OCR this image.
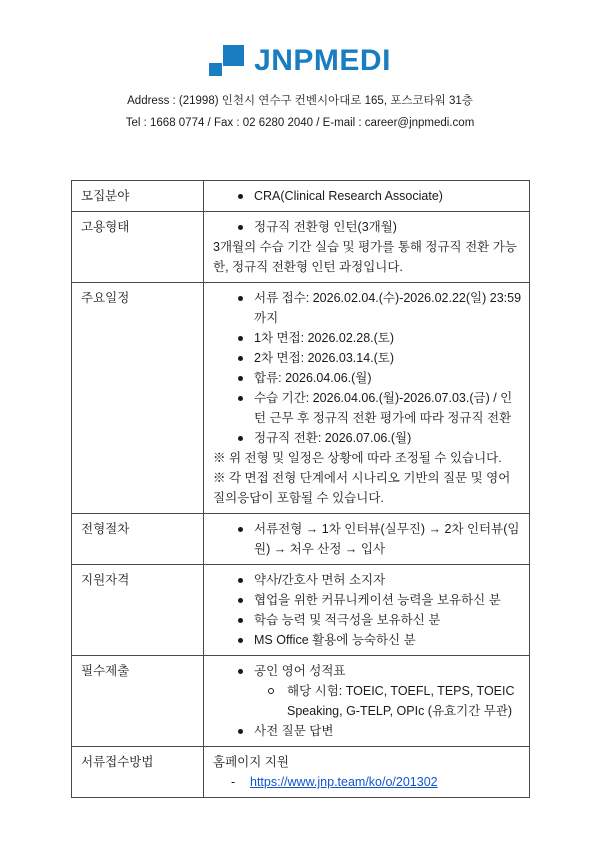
JNPMEDI
Address : (21998) 인천시 연수구 컨벤시아대로 165, 포스코타워 31층
Tel : 1668 0774 / Fax : 02 6280 2040 / E-mail : career@jnpmedi.com
모집분야	CRA(Clinical Research Associate)

고용형태	정규직 전환형 인턴(3개월)
3개월의 수습 기간 실습 및 평가를 통해 정규직 전환 가능한, 정규직 전환형 인턴 과정입니다.

주요일정	서류 접수: 2026.02.04.(수)-2026.02.22(일) 23:59까지
1차 면접: 2026.02.28.(토)
2차 면접: 2026.03.14.(토)
합류: 2026.04.06.(월)
수습 기간: 2026.04.06.(월)-2026.07.03.(금) / 인턴 근무 후 정규직 전환 평가에 따라 정규직 전환
정규직 전환: 2026.07.06.(월)
※ 위 전형 및 일정은 상황에 따라 조정될 수 있습니다.
※ 각 면접 전형 단계에서 시나리오 기반의 질문 및 영어 질의응답이 포함될 수 있습니다.

전형절차	서류전형 → 1차 인터뷰(실무진) → 2차 인터뷰(임원) → 처우 산정 → 입사

지원자격	약사/간호사 면허 소지자
협업을 위한 커뮤니케이션 능력을 보유하신 분
학습 능력 및 적극성을 보유하신 분
MS Office 활용에 능숙하신 분

필수제출	공인 영어 성적표
해당 시험: TOEIC, TOEFL, TEPS, TOEIC Speaking, G-TELP, OPIc (유효기간 무관)
사전 질문 답변

서류접수방법	홈페이지 지원
- https://www.jnp.team/ko/o/201302
